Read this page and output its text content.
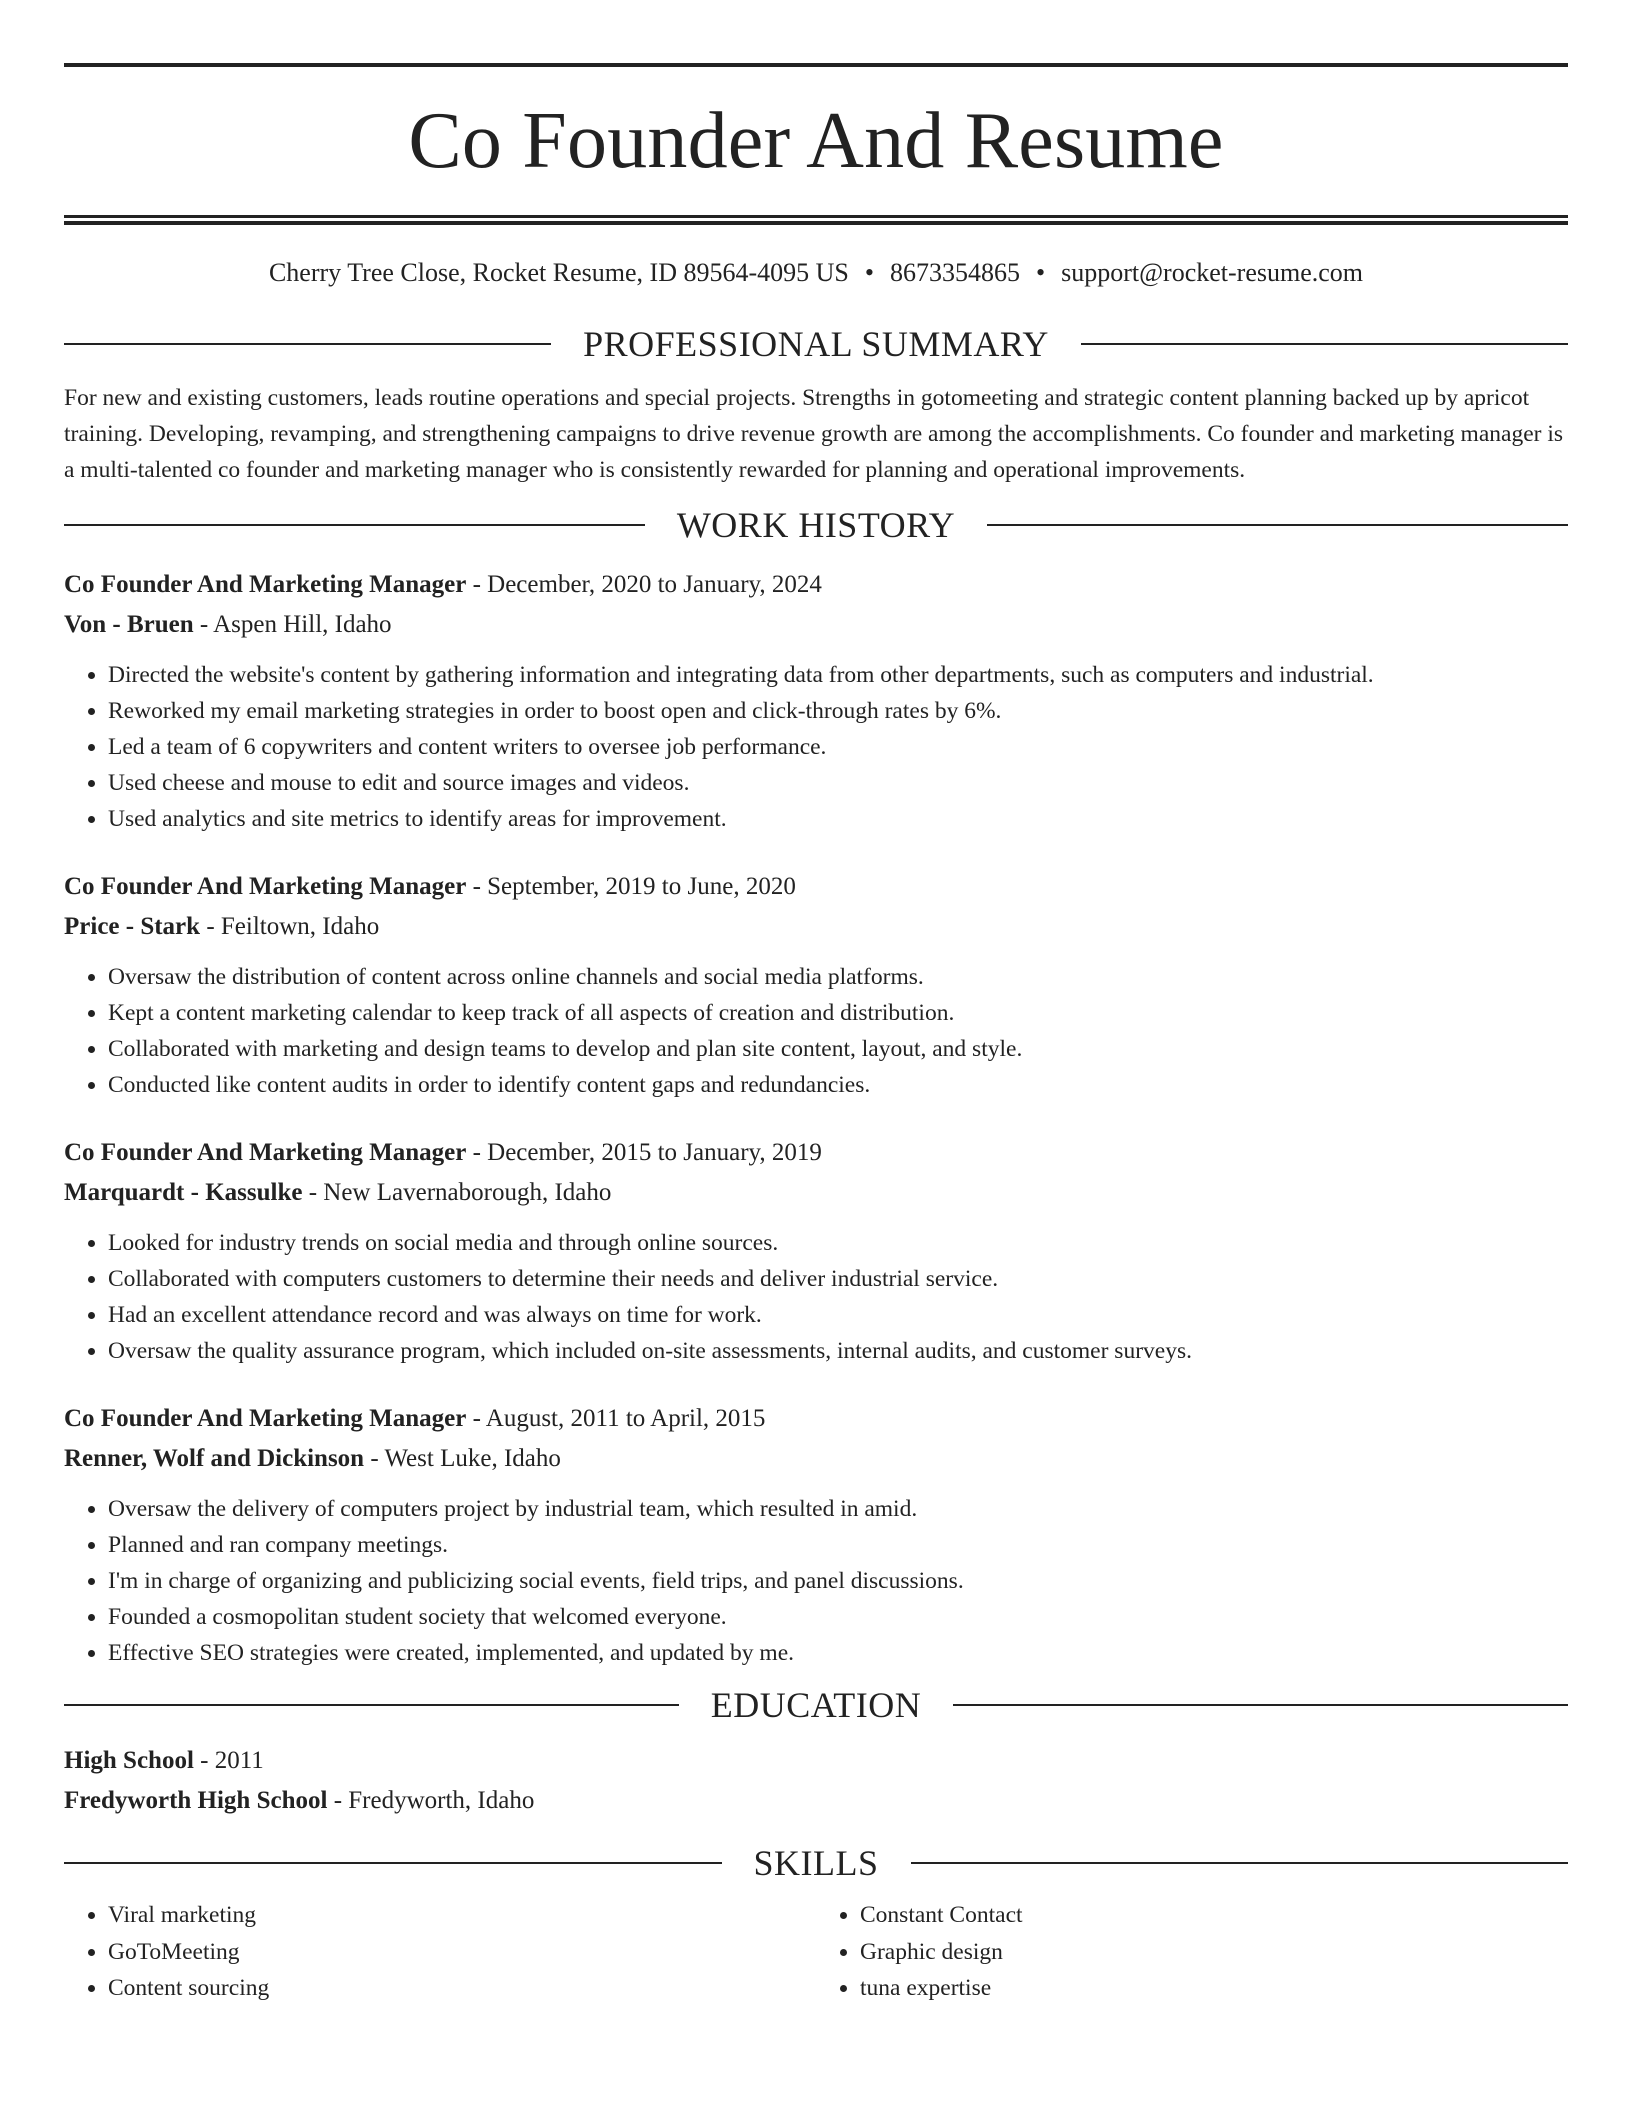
Co Founder And Resume
Cherry Tree Close, Rocket Resume, ID 89564-4095 US • 8673354865 • support@rocket-resume.com
PROFESSIONAL SUMMARY

For new and existing customers, leads routine operations and special projects. Strengths in gotomeeting and strategic content planning backed up by apricot training. Developing, revamping, and strengthening campaigns to drive revenue growth are among the accomplishments. Co founder and marketing manager is a multi-talented co founder and marketing manager who is consistently rewarded for planning and operational improvements.

WORK HISTORY

Co Founder And Marketing Manager - December, 2020 to January, 2024

Von - Bruen - Aspen Hill, Idaho

• Directed the website's content by gathering information and integrating data from other departments, such as computers and industrial.
• Reworked my email marketing strategies in order to boost open and click-through rates by 6%.
• Led a team of 6 copywriters and content writers to oversee job performance.
• Used cheese and mouse to edit and source images and videos.
• Used analytics and site metrics to identify areas for improvement.

Co Founder And Marketing Manager - September, 2019 to June, 2020

Price - Stark - Feiltown, Idaho

• Oversaw the distribution of content across online channels and social media platforms.
• Kept a content marketing calendar to keep track of all aspects of creation and distribution.
• Collaborated with marketing and design teams to develop and plan site content, layout, and style.
• Conducted like content audits in order to identify content gaps and redundancies.

Co Founder And Marketing Manager - December, 2015 to January, 2019

Marquardt - Kassulke - New Lavernaborough, Idaho

• Looked for industry trends on social media and through online sources.
• Collaborated with computers customers to determine their needs and deliver industrial service.
• Had an excellent attendance record and was always on time for work.
• Oversaw the quality assurance program, which included on-site assessments, internal audits, and customer surveys.

Co Founder And Marketing Manager - August, 2011 to April, 2015

Renner, Wolf and Dickinson - West Luke, Idaho

• Oversaw the delivery of computers project by industrial team, which resulted in amid.
• Planned and ran company meetings.
• I'm in charge of organizing and publicizing social events, field trips, and panel discussions.
• Founded a cosmopolitan student society that welcomed everyone.
• Effective SEO strategies were created, implemented, and updated by me.
EDUCATION

High School - 2011

Fredyworth High School - Fredyworth, Idaho

SKILLS
• Viral marketing
• GoToMeeting
• Content sourcing
• Constant Contact
• Graphic design
• tuna expertise
